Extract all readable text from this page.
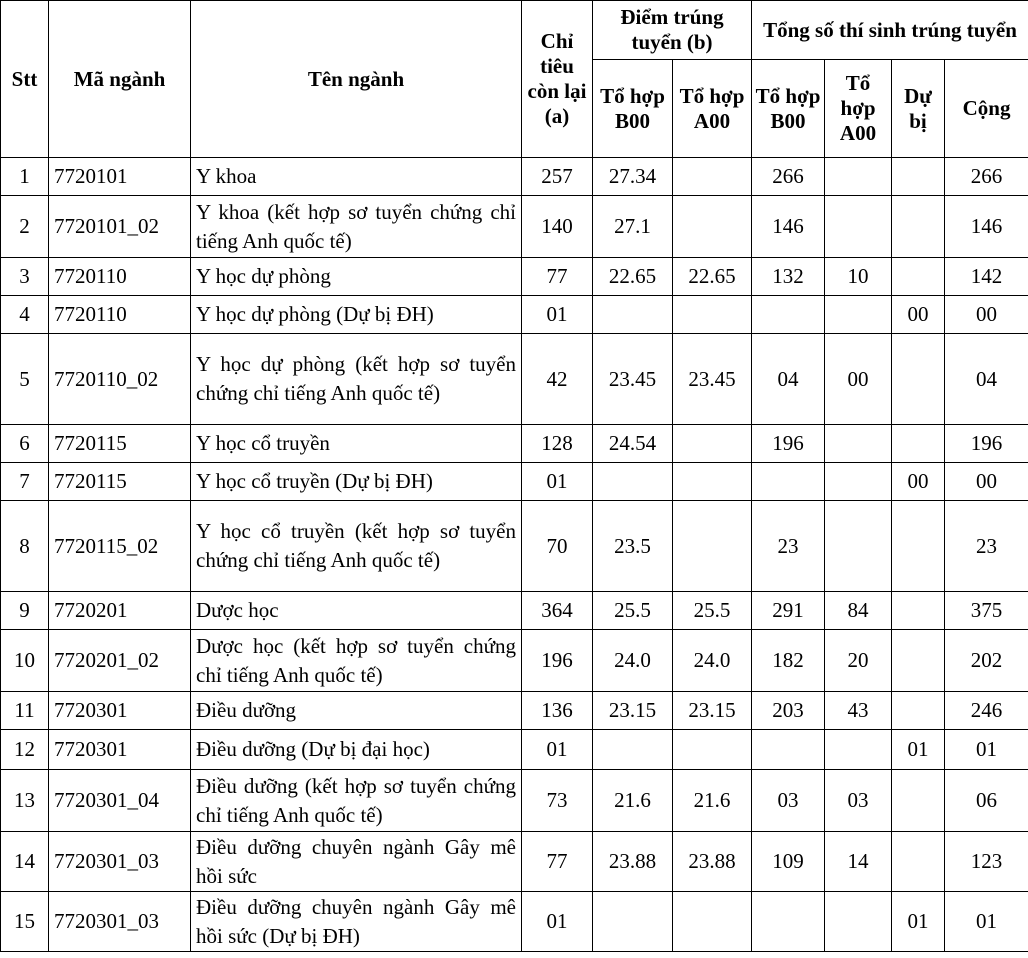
Stt	Mã ngành	Tên ngành	Chỉ tiêu còn lại (a)	Điểm trúng tuyển (b)		Tổng số thí sinh trúng tuyển			
				Tổ hợp B00	Tổ hợp A00	Tổ hợp B00	Tổ hợp A00	Dự bị	Cộng
1	7720101	Y khoa	257	27.34		266			266
2	7720101_02	Y khoa (kết hợp sơ tuyển chứng chỉ tiếng Anh quốc tế)	140	27.1		146			146
3	7720110	Y học dự phòng	77	22.65	22.65	132	10		142
4	7720110	Y học dự phòng (Dự bị ĐH)	01					00	00
5	7720110_02	Y học dự phòng (kết hợp sơ tuyển chứng chỉ tiếng Anh quốc tế)	42	23.45	23.45	04	00		04
6	7720115	Y học cổ truyền	128	24.54		196			196
7	7720115	Y học cổ truyền (Dự bị ĐH)	01					00	00
8	7720115_02	Y học cổ truyền (kết hợp sơ tuyển chứng chỉ tiếng Anh quốc tế)	70	23.5		23			23
9	7720201	Dược học	364	25.5	25.5	291	84		375
10	7720201_02	Dược học (kết hợp sơ tuyển chứng chỉ tiếng Anh quốc tế)	196	24.0	24.0	182	20		202
11	7720301	Điều dưỡng	136	23.15	23.15	203	43		246
12	7720301	Điều dưỡng (Dự bị đại học)	01					01	01
13	7720301_04	Điều dưỡng (kết hợp sơ tuyển chứng chỉ tiếng Anh quốc tế)	73	21.6	21.6	03	03		06
14	7720301_03	Điều dưỡng chuyên ngành Gây mê hồi sức	77	23.88	23.88	109	14		123
15	7720301_03	Điều dưỡng chuyên ngành Gây mê hồi sức (Dự bị ĐH)	01					01	01
